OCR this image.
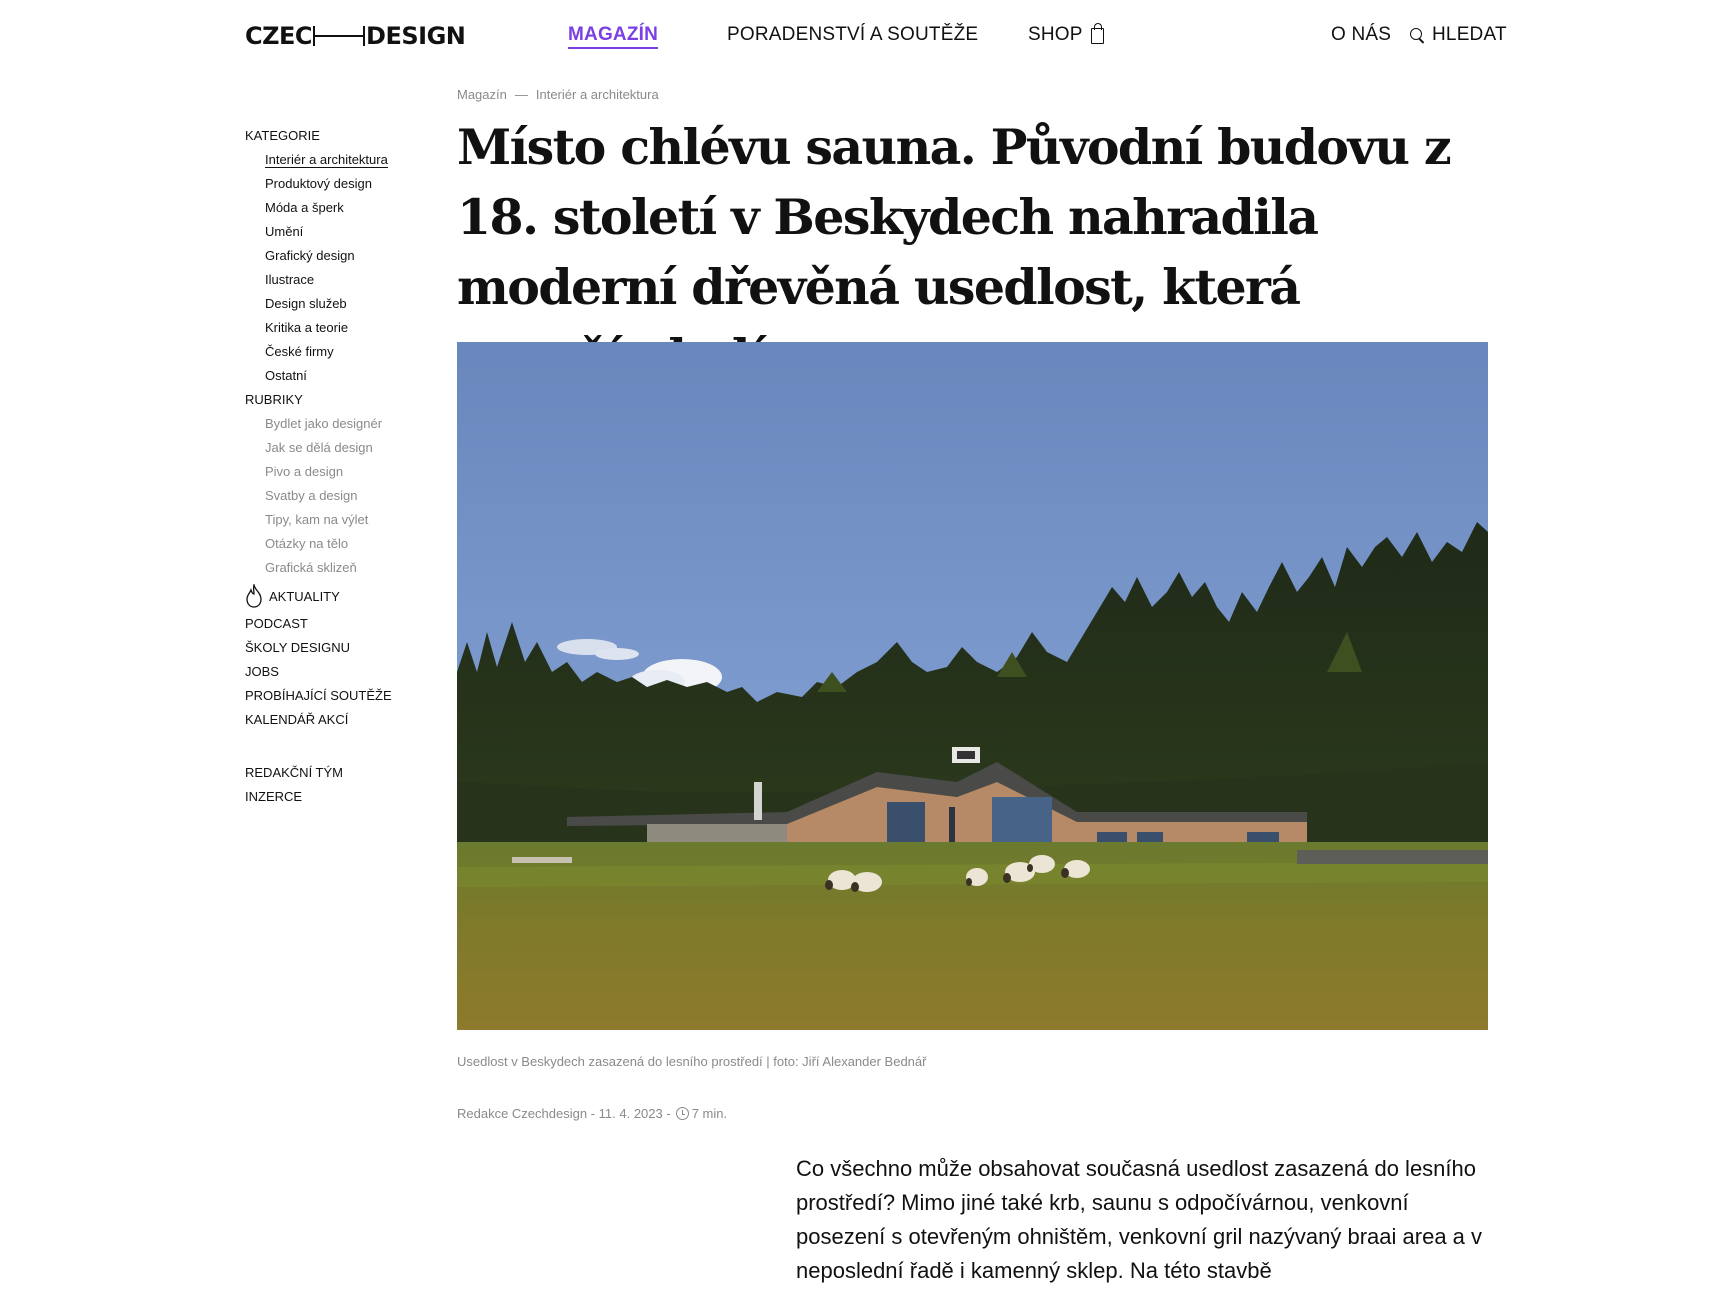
CZEC DESIGN	MAGAZÍN	PORADENSTVÍ A SOUTĚŽE	SHOP	O NÁS HLEDAT
KATEGORIE
Interiér a architektura
Produktový design
Móda a šperk
Umění
Grafický design
Ilustrace
Design služeb
Kritika a teorie
České firmy
Ostatní
RUBRIKY
Bydlet jako designér
Jak se dělá design
Pivo a design
Svatby a design
Tipy, kam na výlet
Otázky na tělo
Grafická sklizeň
AKTUALITY
PODCAST
ŠKOLY DESIGNU
JOBS
PROBÍHAJÍCÍ SOUTĚŽE
KALENDÁŘ AKCÍ
REDAKČNÍ TÝM
INZERCE
Magazín — Interiér a architektura
Místo chlévu sauna. Původní budovu z 18. století v Beskydech nahradila moderní dřevěná usedlost, která
Usedlost v Beskydech zasazená do lesního prostředí | foto: Jiří Alexander Bednář
Redakce Czechdesign - 11. 4. 2023 - 7 min.

Co všechno může obsahovat současná usedlost zasazená do lesního prostředí? Mimo jiné také krb, saunu s odpočívárnou, venkovní posezení s otevřeným ohništěm, venkovní gril nazývaný braai area a v neposlední řadě i kamenný sklep. Na této stavbě
